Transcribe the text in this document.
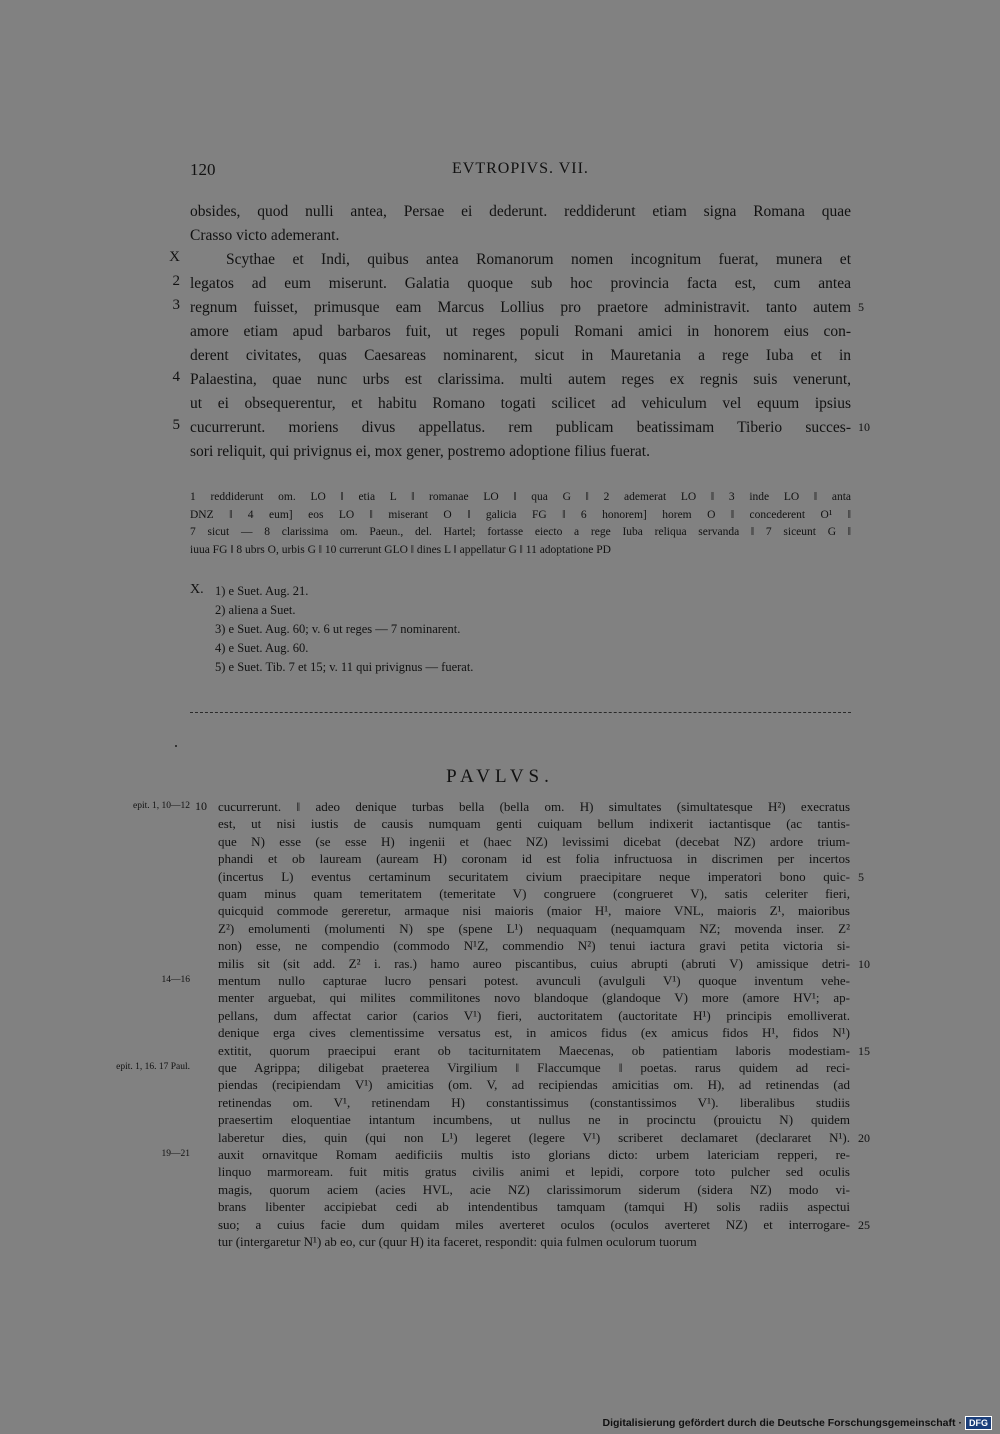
120	EVTROPIVS. VII.
obsides, quod nulli antea, Persae ei dederunt. reddiderunt etiam signa Romana quae
Crasso victo ademerant.
Scythae et Indi, quibus antea Romanorum nomen incognitum fuerat, munera et
X
legatos ad eum miserunt. Galatia quoque sub hoc provincia facta est, cum antea
2
regnum fuisset, primusque eam Marcus Lollius pro praetore administravit. tanto autem
3	5
amore etiam apud barbaros fuit, ut reges populi Romani amici in honorem eius con-
derent civitates, quas Caesareas nominarent, sicut in Mauretania a rege Iuba et in
Palaestina, quae nunc urbs est clarissima. multi autem reges ex regnis suis venerunt,
4
ut ei obsequerentur, et habitu Romano togati scilicet ad vehiculum vel equum ipsius
cucurrerunt. moriens divus appellatus. rem publicam beatissimam Tiberio succes-
5	10
sori reliquit, qui privignus ei, mox gener, postremo adoptione filius fuerat.
1 reddiderunt om. LO ‖ etia L ‖ romanae LO ‖ qua G ‖ 2 ademerat LO ‖ 3 inde LO ‖ anta
DNZ ‖ 4 eum] eos LO ‖ miserant O ‖ galicia FG ‖ 6 honorem] horem O ‖ concederent O¹ ‖
7 sicut — 8 clarissima om. Paeun., del. Hartel; fortasse eiecto a rege Iuba reliqua servanda ‖ 7 siceunt G ‖
iuua FG ‖ 8 ubrs O, urbis G ‖ 10 currerunt GLO ‖ dines L ‖ appellatur G ‖ 11 adoptatione PD
X. 1) e Suet. Aug. 21.
2) aliena a Suet.
3) e Suet. Aug. 60; v. 6 ut reges — 7 nominarent.
4) e Suet. Aug. 60.
5) e Suet. Tib. 7 et 15; v. 11 qui privignus — fuerat.
PAVLVS.
cucurrerunt. ‖ adeo denique turbas bella (bella om. H) simultates (simultatesque H²) execratus
10
epit. 1, 10—12
est, ut nisi iustis de causis numquam genti cuiquam bellum indixerit iactantisque (ac tantis-
que N) esse (se esse H) ingenii et (haec NZ) levissimi dicebat (decebat NZ) ardore trium-
phandi et ob lauream (auream H) coronam id est folia infructuosa in discrimen per incertos
(incertus L) eventus certaminum securitatem civium praecipitare neque imperatori bono quic- 5
quam minus quam temeritatem (temeritate V) congruere (congrueret V), satis celeriter fieri,
quicquid commode gereretur, armaque nisi maioris (maior H¹, maiore VNL, maioris Z¹, maioribus
Z²) emolumenti (molumenti N) spe (spene L¹) nequaquam (nequamquam NZ; movenda inser. Z²
non) esse, ne compendio (commodo N¹Z, commendio N²) tenui iactura gravi petita victoria si-
milis sit (sit add. Z² i. ras.) hamo aureo piscantibus, cuius abrupti (abruti V) amissique detri- 10
mentum nullo capturae lucro pensari potest. avunculi (avulguli V¹) quoque inventum vehe-
14—16
menter arguebat, qui milites commilitones novo blandoque (glandoque V) more (amore HV¹; ap-
pellans, dum affectat carior (carios V¹) fieri, auctoritatem (auctoritate H¹) principis emolliverat.
denique erga cives clementissime versatus est, in amicos fidus (ex amicus fidos H¹, fidos N¹)
extitit, quorum praecipui erant ob taciturnitatem Maecenas, ob patientiam laboris modestiam- 15
que Agrippa; diligebat praeterea Virgilium ‖ Flaccumque ‖ poetas. rarus quidem ad reci-
epit. 1, 16. 17 Paul.
piendas (recipiendam V¹) amicitias (om. V, ad recipiendas amicitias om. H), ad retinendas (ad
retinendas om. V¹, retinendam H) constantissimus (constantissimos V¹). liberalibus studiis
praesertim eloquentiae intantum incumbens, ut nullus ne in procinctu (prouictu N) quidem
laberetur dies, quin (qui non L¹) legeret (legere V¹) scriberet declamaret (declararet N¹). 20
auxit ornavitque Romam aedificiis multis isto glorians dicto: urbem latericiam repperi, re-
19—21
linquo marmoream. fuit mitis gratus civilis animi et lepidi, corpore toto pulcher sed oculis
magis, quorum aciem (acies HVL, acie NZ) clarissimorum siderum (sidera NZ) modo vi-
brans libenter accipiebat cedi ab intendentibus tamquam (tamqui H) solis radiis aspectui
suo; a cuius facie dum quidam miles averteret oculos (oculos averteret NZ) et interrogare- 25
tur (intergaretur N¹) ab eo, cur (quur H) ita faceret, respondit: quia fulmen oculorum tuorum
Digitalisierung gefördert durch die Deutsche Forschungsgemeinschaft · DFG
